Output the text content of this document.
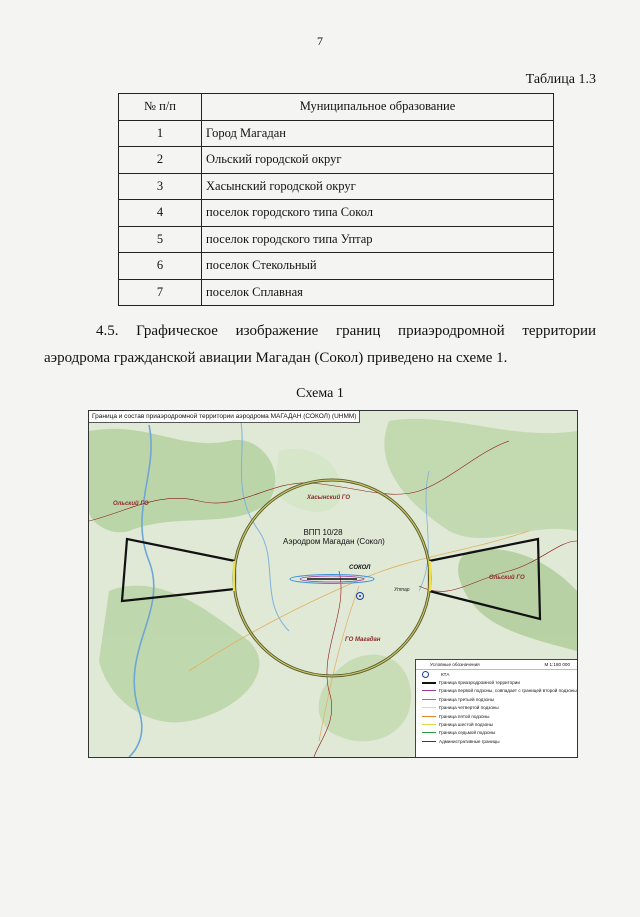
7
Таблица 1.3
№ п/п	Муниципальное образование
1	Город Магадан
2	Ольский городской округ
3	Хасынский городской округ
4	поселок городского типа Сокол
5	поселок городского типа Уптар
6	поселок Стекольный
7	поселок Сплавная
4.5. Графическое изображение границ приаэродромной территории аэродрома гражданской авиации Магадан (Сокол) приведено на схеме 1.
Схема 1
Граница и состав приаэродромной территории аэродрома МАГАДАН (СОКОЛ) (UHMM)
Ольский ГО
Хасынский ГО
Ольский ГО
ГО Магадан
ВПП 10/28
Аэродром Магадан (Сокол)
СОКОЛ
Уптар
Условные обозначения	М 1:180 000
КТА
Граница приаэродромной территории
Граница первой подзоны, совпадает с границей второй подзоны
Граница третьей подзоны
Граница четвертой подзоны
Граница пятой подзоны
Граница шестой подзоны
Граница седьмой подзоны
Административные границы
